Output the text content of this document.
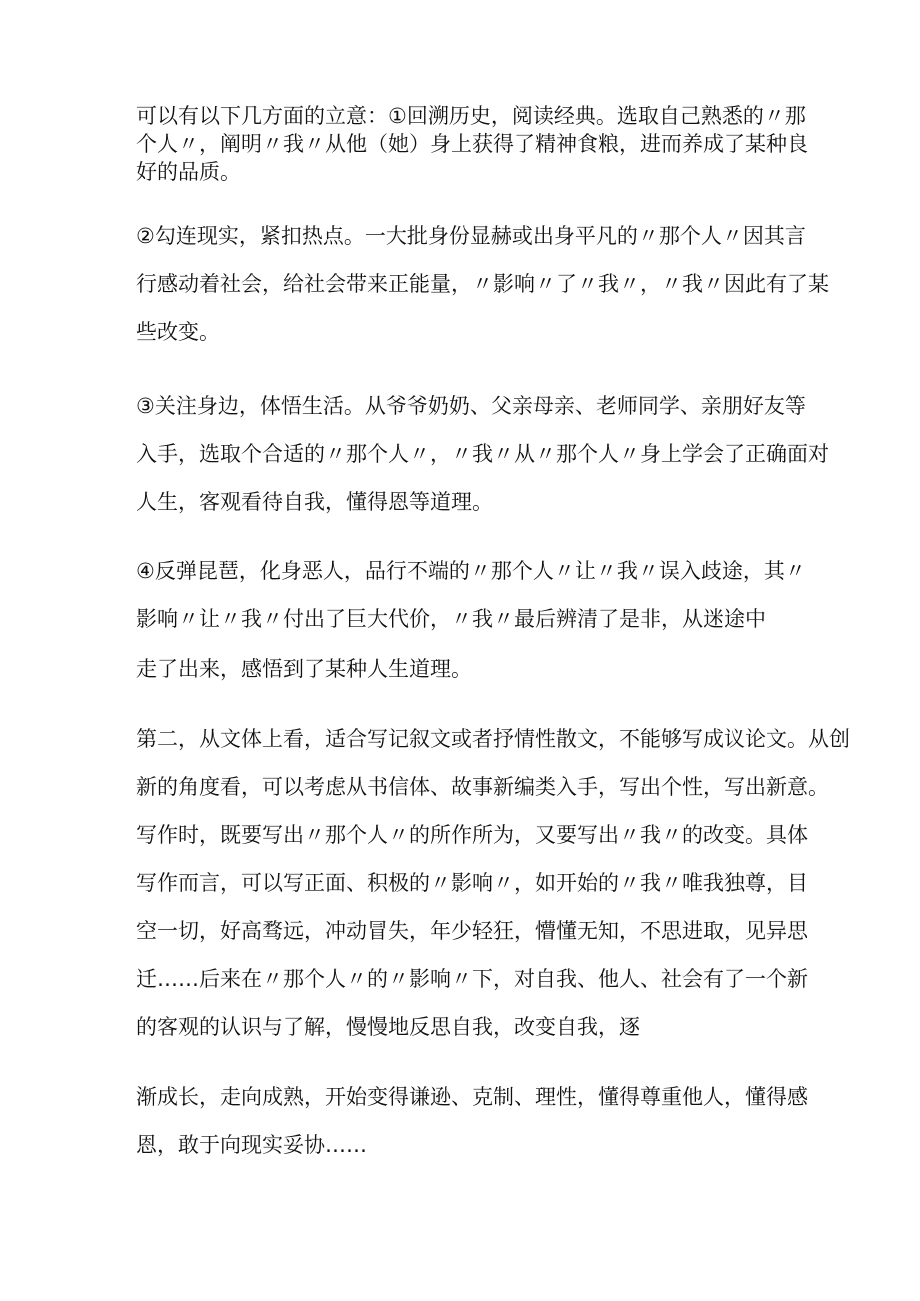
可以有以下几方面的立意：①回溯历史，阅读经典。选取自己熟悉的〃那
个人〃，阐明〃我〃从他（她）身上获得了精神食粮，进而养成了某种良
好的品质。
②勾连现实，紧扣热点。一大批身份显赫或出身平凡的〃那个人〃因其言
行感动着社会，给社会带来正能量，〃影响〃了〃我〃，〃我〃因此有了某
些改变。
③关注身边，体悟生活。从爷爷奶奶、父亲母亲、老师同学、亲朋好友等
入手，选取个合适的〃那个人〃，〃我〃从〃那个人〃身上学会了正确面对
人生，客观看待自我，懂得恩等道理。
④反弹昆琶，化身恶人，品行不端的〃那个人〃让〃我〃误入歧途，其〃
影响〃让〃我〃付出了巨大代价，〃我〃最后辨清了是非，从迷途中
走了出来，感悟到了某种人生道理。
第二，从文体上看，适合写记叙文或者抒情性散文，不能够写成议论文。从创
新的角度看，可以考虑从书信体、故事新编类入手，写出个性，写出新意。
写作时，既要写出〃那个人〃的所作所为，又要写出〃我〃的改变。具体
写作而言，可以写正面、积极的〃影响〃，如开始的〃我〃唯我独尊，目
空一切，好高骛远，冲动冒失，年少轻狂，懵懂无知，不思进取，见异思
迁……后来在〃那个人〃的〃影响〃下，对自我、他人、社会有了一个新
的客观的认识与了解，慢慢地反思自我，改变自我，逐
渐成长，走向成熟，开始变得谦逊、克制、理性，懂得尊重他人，懂得感
恩，敢于向现实妥协……
